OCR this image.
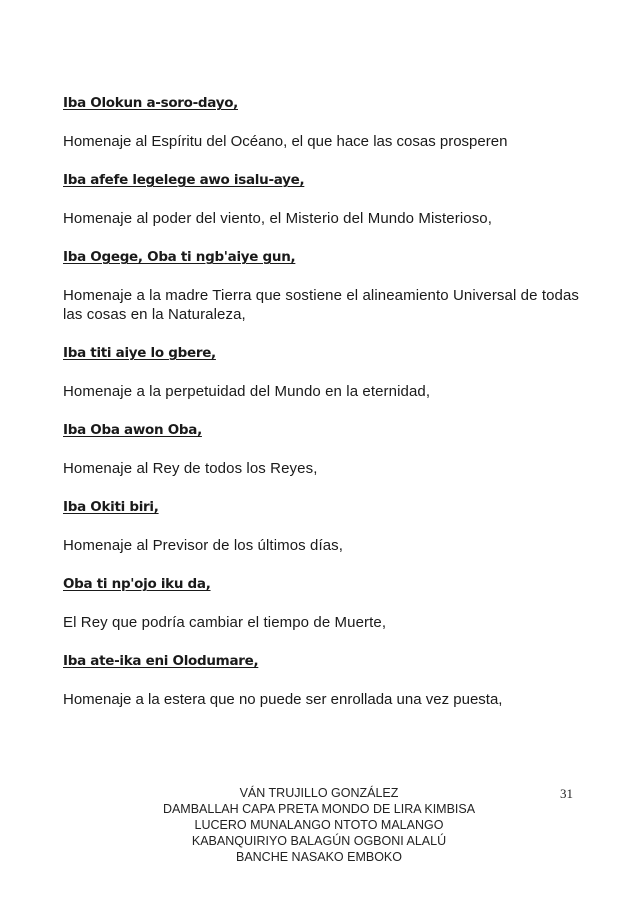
Iba Olokun a-soro-dayo,
Homenaje al Espíritu del Océano, el que hace las cosas prosperen
Iba afefe legelege awo isalu-aye,
Homenaje al poder del viento, el Misterio del Mundo Misterioso,
Iba Ogege, Oba ti ngb'aiye gun,
Homenaje a la madre Tierra que sostiene el alineamiento Universal de todas las cosas en la Naturaleza,
Iba titi aiye lo gbere,
Homenaje a la perpetuidad del Mundo en la eternidad,
Iba Oba awon Oba,
Homenaje al Rey de todos los Reyes,
Iba Okiti biri,
Homenaje al Previsor de los últimos días,
Oba ti np'ojo iku da,
El Rey que podría cambiar el tiempo de Muerte,
Iba ate-ika eni Olodumare,
Homenaje a la estera que no puede ser enrollada una vez puesta,
VÁN TRUJILLO GONZÁLEZ
DAMBALLAH CAPA PRETA MONDO DE LIRA KIMBISA
LUCERO MUNALANGO NTOTO MALANGO
KABANQUIRIYO BALAGÚN OGBONI ALALÚ
BANCHE NASAKO EMBOKO
31
